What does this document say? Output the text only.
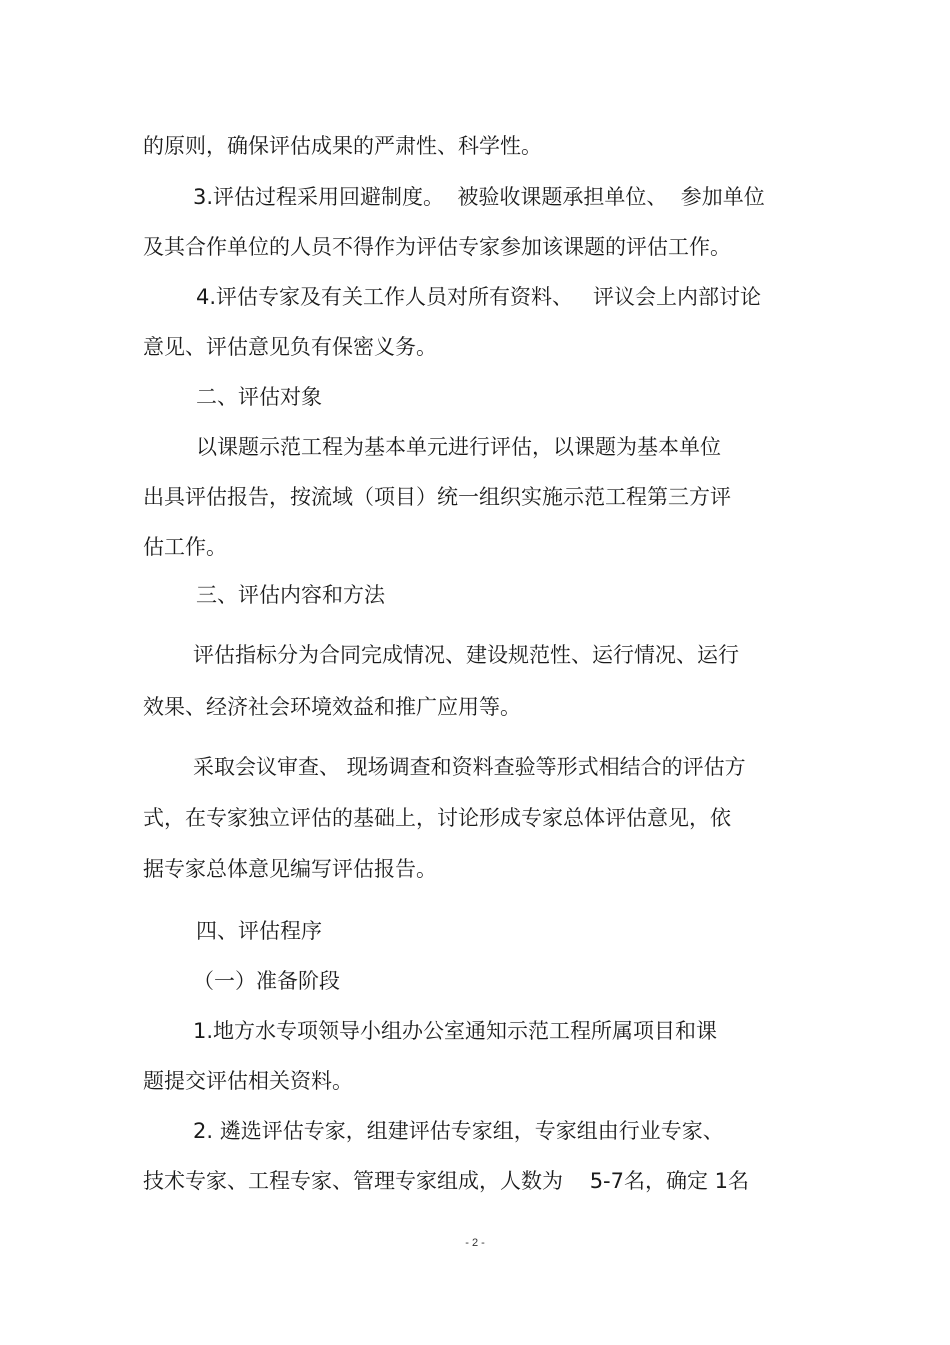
的原则，确保评估成果的严肃性、科学性。
3.评估过程采用回避制度。  被验收课题承担单位、  参加单位
及其合作单位的人员不得作为评估专家参加该课题的评估工作。
4.评估专家及有关工作人员对所有资料、   评议会上内部讨论
意见、评估意见负有保密义务。
二、评估对象
以课题示范工程为基本单元进行评估，以课题为基本单位
出具评估报告，按流域（项目）统一组织实施示范工程第三方评
估工作。
三、评估内容和方法
评估指标分为合同完成情况、建设规范性、运行情况、运行
效果、经济社会环境效益和推广应用等。
采取会议审查、 现场调查和资料查验等形式相结合的评估方
式，在专家独立评估的基础上，讨论形成专家总体评估意见，依
据专家总体意见编写评估报告。
四、评估程序
（一）准备阶段
1.地方水专项领导小组办公室通知示范工程所属项目和课
题提交评估相关资料。
2. 遴选评估专家，组建评估专家组，专家组由行业专家、
技术专家、工程专家、管理专家组成，人数为    5-7名，确定 1名
- 2 -
